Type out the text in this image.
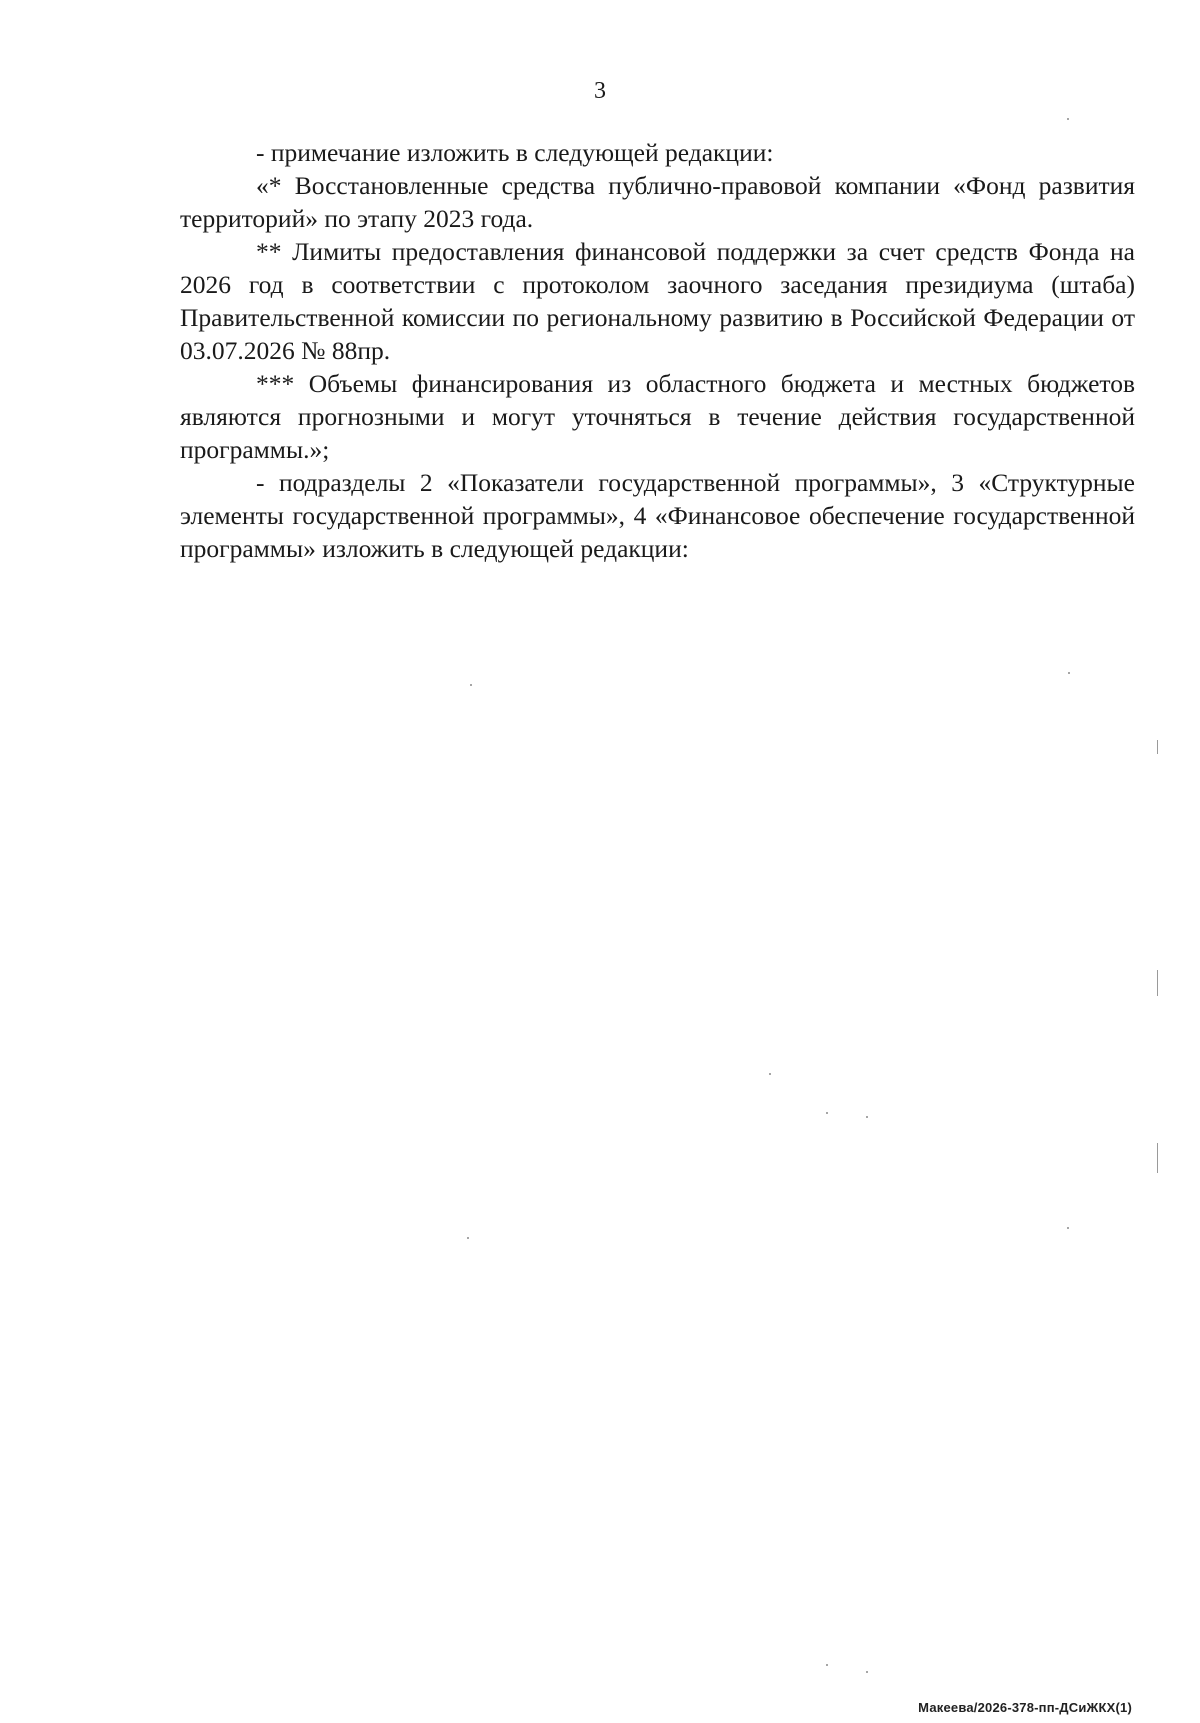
3

- примечание изложить в следующей редакции:

«* Восстановленные средства публично-правовой компании «Фонд развития территорий» по этапу 2023 года.

** Лимиты предоставления финансовой поддержки за счет средств Фонда на 2026 год в соответствии с протоколом заочного заседания президиума (штаба) Правительственной комиссии по региональному развитию в Российской Федерации от 03.07.2026 № 88пр.

*** Объемы финансирования из областного бюджета и местных бюджетов являются прогнозными и могут уточняться в течение действия государственной программы.»;

- подразделы 2 «Показатели государственной программы», 3 «Структурные элементы государственной программы», 4 «Финансовое обеспечение государственной программы» изложить в следующей редакции:

Макеева/2026-378-пп-ДСиЖКХ(1)
